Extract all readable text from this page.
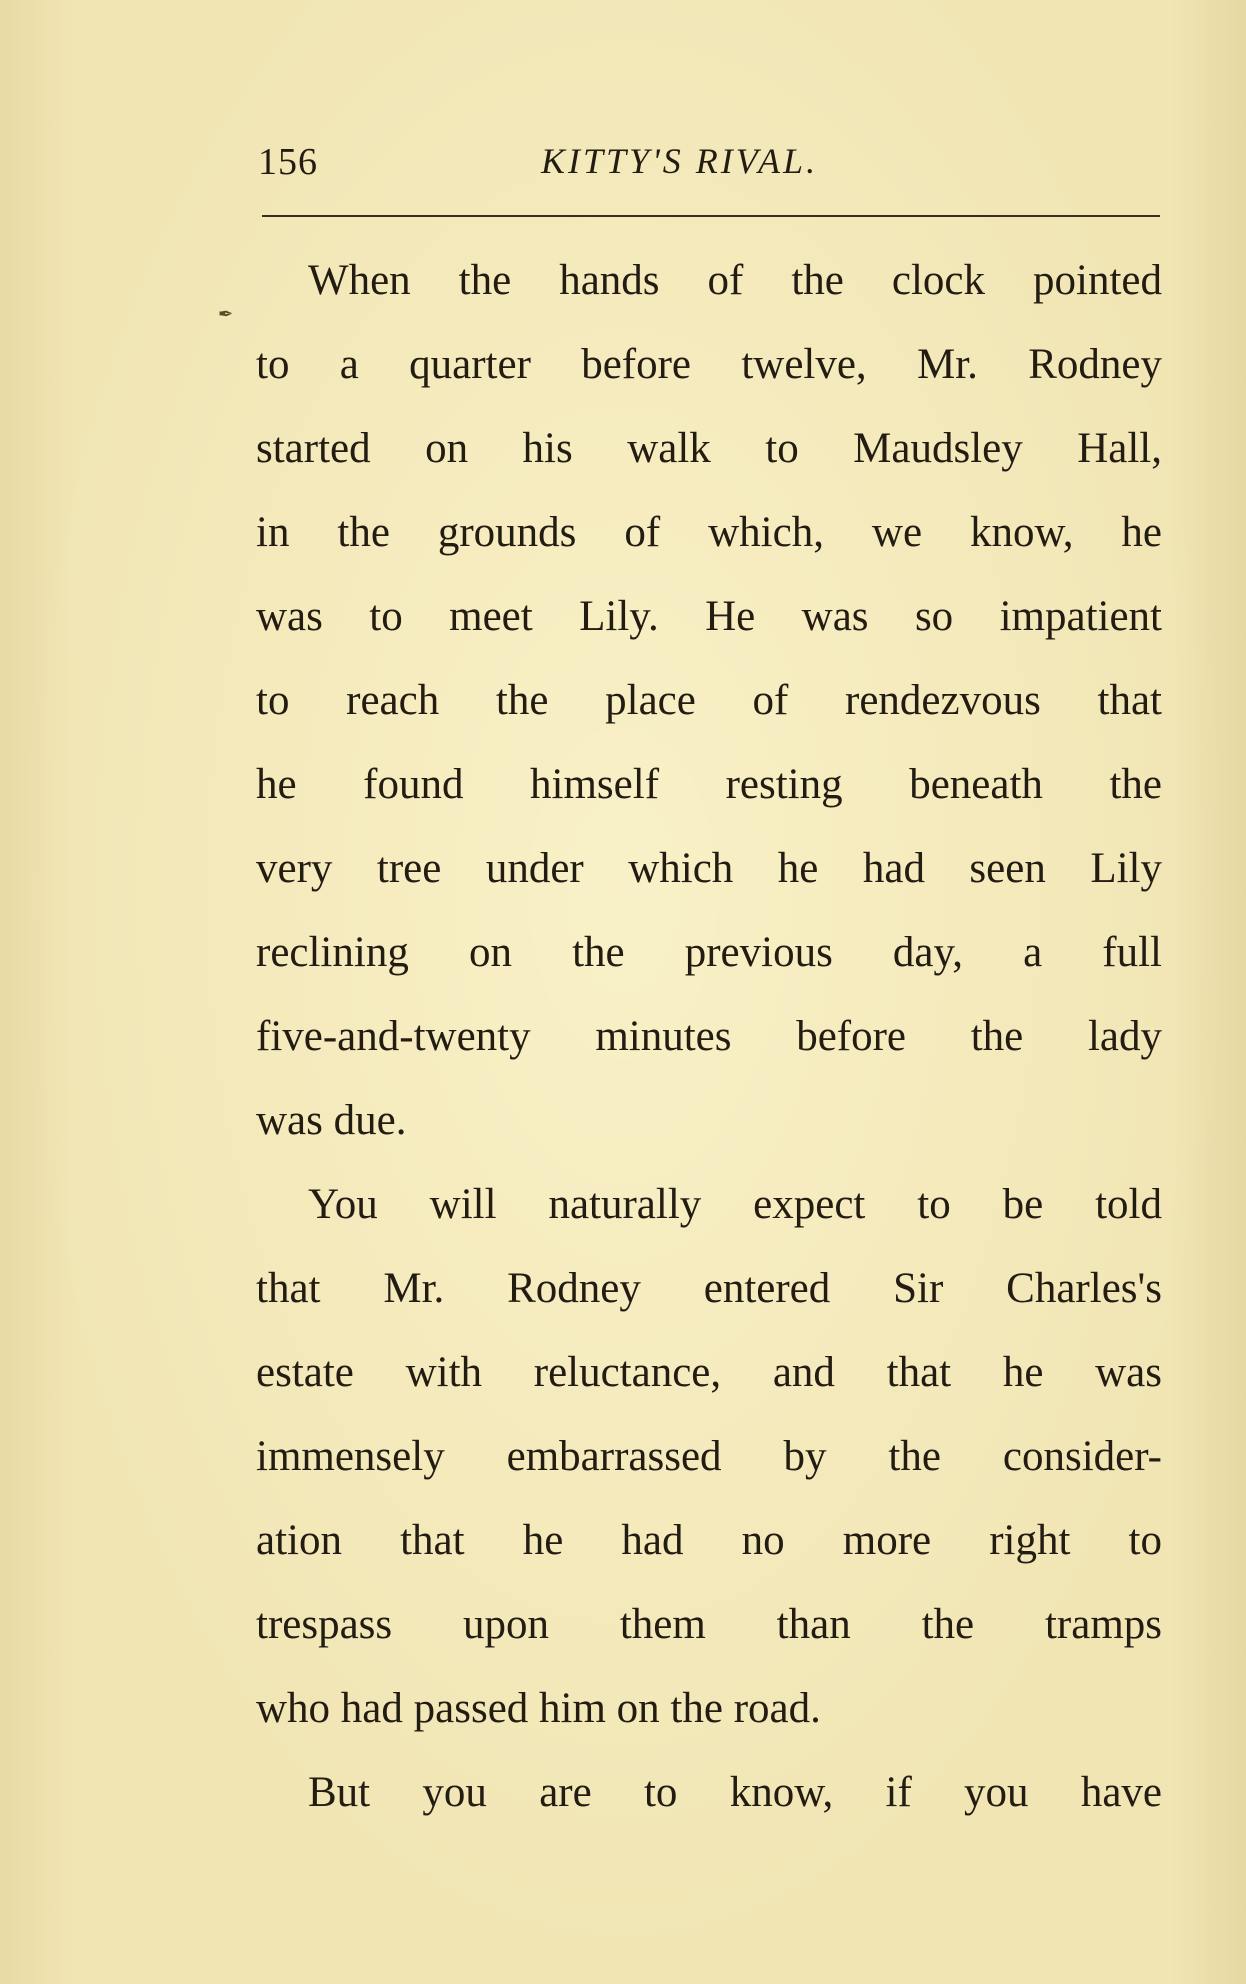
156	KITTY'S RIVAL.
✒
When the hands of the clock pointed
to a quarter before twelve, Mr. Rodney
started on his walk to Maudsley Hall,
in the grounds of which, we know, he
was to meet Lily. He was so impatient
to reach the place of rendezvous that
he found himself resting beneath the
very tree under which he had seen Lily
reclining on the previous day, a full
five-and-twenty minutes before the lady
was due.
You will naturally expect to be told
that Mr. Rodney entered Sir Charles's
estate with reluctance, and that he was
immensely embarrassed by the consider-
ation that he had no more right to
trespass upon them than the tramps
who had passed him on the road.
But you are to know, if you have
